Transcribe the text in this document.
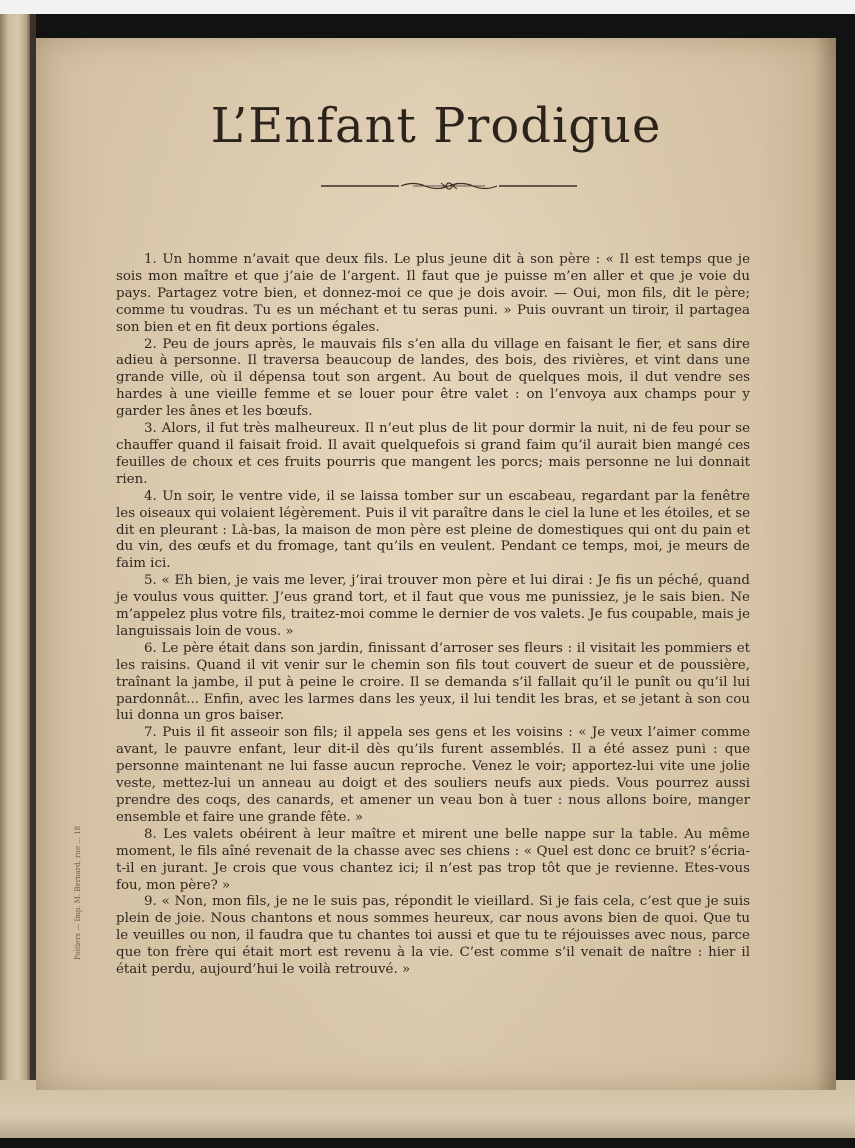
L’Enfant Prodigue

1. Un homme n’avait que deux fils. Le plus jeune dit à son père : « Il est temps que je sois mon maître et que j’aie de l’argent. Il faut que je puisse m’en aller et que je voie du pays. Partagez votre bien, et donnez-moi ce que je dois avoir. — Oui, mon fils, dit le père; comme tu voudras. Tu es un méchant et tu seras puni. » Puis ouvrant un tiroir, il partagea son bien et en fit deux portions égales.

2. Peu de jours après, le mauvais fils s’en alla du village en faisant le fier, et sans dire adieu à personne. Il traversa beaucoup de landes, des bois, des rivières, et vint dans une grande ville, où il dépensa tout son argent. Au bout de quelques mois, il dut vendre ses hardes à une vieille femme et se louer pour être valet : on l’envoya aux champs pour y garder les ânes et les bœufs.

3. Alors, il fut très malheureux. Il n’eut plus de lit pour dormir la nuit, ni de feu pour se chauffer quand il faisait froid. Il avait quelquefois si grand faim qu’il aurait bien mangé ces feuilles de choux et ces fruits pourris que mangent les porcs; mais personne ne lui donnait rien.

4. Un soir, le ventre vide, il se laissa tomber sur un escabeau, regardant par la fenêtre les oiseaux qui volaient légèrement. Puis il vit paraître dans le ciel la lune et les étoiles, et se dit en pleurant : Là-bas, la maison de mon père est pleine de domestiques qui ont du pain et du vin, des œufs et du fromage, tant qu’ils en veulent. Pendant ce temps, moi, je meurs de faim ici.

5. « Eh bien, je vais me lever, j’irai trouver mon père et lui dirai : Je fis un péché, quand je voulus vous quitter. J’eus grand tort, et il faut que vous me punissiez, je le sais bien. Ne m’appelez plus votre fils, traitez-moi comme le dernier de vos valets. Je fus coupable, mais je languissais loin de vous. »

6. Le père était dans son jardin, finissant d’arroser ses fleurs : il visitait les pommiers et les raisins. Quand il vit venir sur le chemin son fils tout couvert de sueur et de poussière, traînant la jambe, il put à peine le croire. Il se demanda s’il fallait qu’il le punît ou qu’il lui pardonnât... Enfin, avec les larmes dans les yeux, il lui tendit les bras, et se jetant à son cou lui donna un gros baiser.

7. Puis il fit asseoir son fils; il appela ses gens et les voisins : « Je veux l’aimer comme avant, le pauvre enfant, leur dit-il dès qu’ils furent assemblés. Il a été assez puni : que personne maintenant ne lui fasse aucun reproche. Venez le voir; apportez-lui vite une jolie veste, mettez-lui un anneau au doigt et des souliers neufs aux pieds. Vous pourrez aussi prendre des coqs, des canards, et amener un veau bon à tuer : nous allons boire, manger ensemble et faire une grande fête. »

8. Les valets obéirent à leur maître et mirent une belle nappe sur la table. Au même moment, le fils aîné revenait de la chasse avec ses chiens : « Quel est donc ce bruit? s’écria-t-il en jurant. Je crois que vous chantez ici; il n’est pas trop tôt que je revienne. Etes-vous fou, mon père? »

9. « Non, mon fils, je ne le suis pas, répondit le vieillard. Si je fais cela, c’est que je suis plein de joie. Nous chantons et nous sommes heureux, car nous avons bien de quoi. Que tu le veuilles ou non, il faudra que tu chantes toi aussi et que tu te réjouisses avec nous, parce que ton frère qui était mort est revenu à la vie. C’est comme s’il venait de naître : hier il était perdu, aujourd’hui le voilà retrouvé. »

Poitiers — Imp. M. Bernard, rue ... 18
